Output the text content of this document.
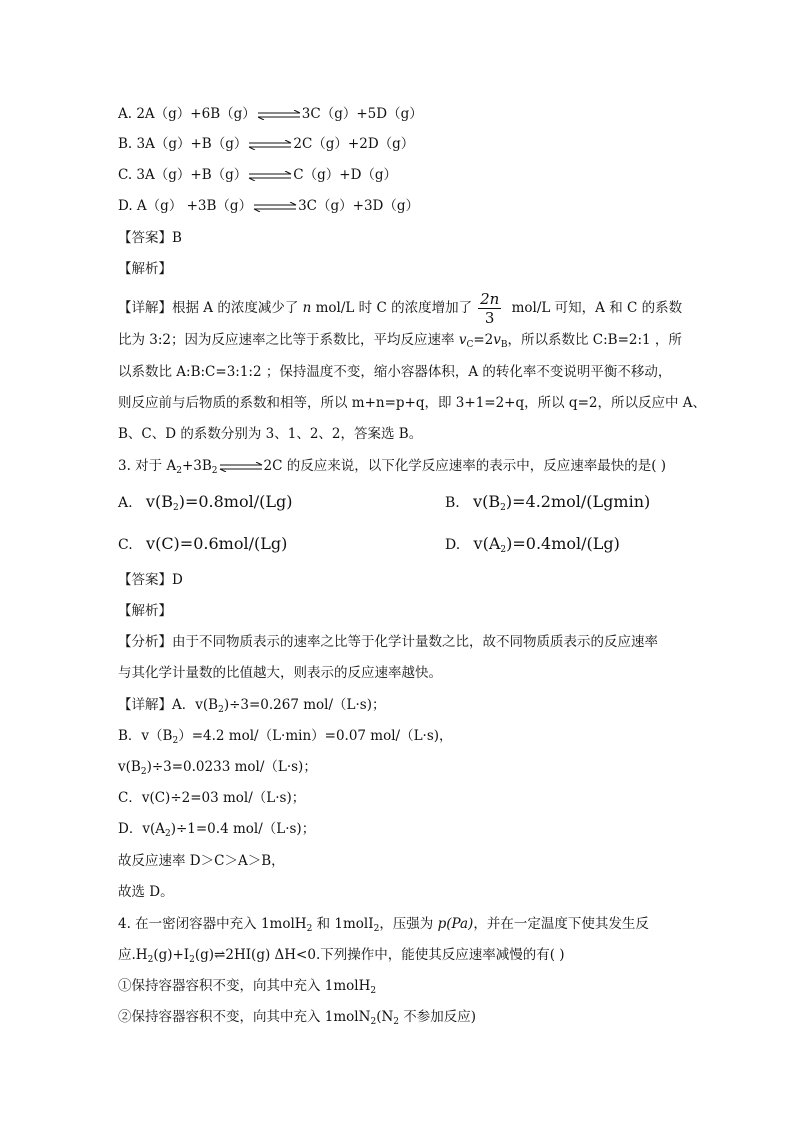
A. 2A（g）+6B（g）⇌3C（g）+5D（g）
B. 3A（g）+B（g）⇌2C（g）+2D（g）
C. 3A（g）+B（g）⇌C（g）+D（g）
D. A（g） +3B（g）⇌3C（g）+3D（g）
【答案】B
【解析】
【详解】根据 A 的浓度减少了 n mol/L 时 C 的浓度增加了 $\frac{2n}{3} mol/L$ 可知，A 和 C 的系数
比为 3:2；因为反应速率之比等于系数比，平均反应速率 $v_C=2v_B$，所以系数比 C:B=2:1 ，所
以系数比 A:B:C=3:1:2 ；保持温度不变，缩小容器体积，A 的转化率不变说明平衡不移动，
则反应前与后物质的系数和相等，所以 m+n=p+q，即 3+1=2+q，所以 q=2，所以反应中 A、
B、C、D 的系数分别为 3、1、2、2，答案选 B。
3. 对于 $A_2+3B_2\rightleftharpoons 2C$ 的反应来说，以下化学反应速率的表示中，反应速率最快的是( )
A. $v(B_2)=0.8mol/(Lg)$	B. $v(B_2)=4.2mol/(Lgmin)$
C. v(C)=0.6mol/(Lg)	D. $v(A_2)=0.4mol/(Lg)$
【答案】D
【解析】
【分析】由于不同物质表示的速率之比等于化学计量数之比，故不同物质质表示的反应速率
与其化学计量数的比值越大，则表示的反应速率越快。
【详解】A．$v(B_2)\div 3=0.267$ mol/（L·s)；
B．$v(B_2)=4.2$ mol/（L·min）=0.07 mol/（L·s)，
$v(B_2)\div 3=0.0233$ mol/（L·s)；
C．v(C)÷2=03 mol/（L·s)；
D．$v(A_2)\div 1=0.4$ mol/（L·s)；
故反应速率 D＞C＞A＞B，
故选 D。
4. 在一密闭容器中充入 1molH$_2$ 和 1molI$_2$，压强为 p(Pa)，并在一定温度下使其发生反
应$.H_2(g)+I_2(g)\rightleftharpoons 2HI(g)$ ΔH<0.下列操作中，能使其反应速率减慢的有( )
①保持容器容积不变，向其中充入 1molH$_2$
②保持容器容积不变，向其中充入 $1molN_2(N_2$ 不参加反应)
